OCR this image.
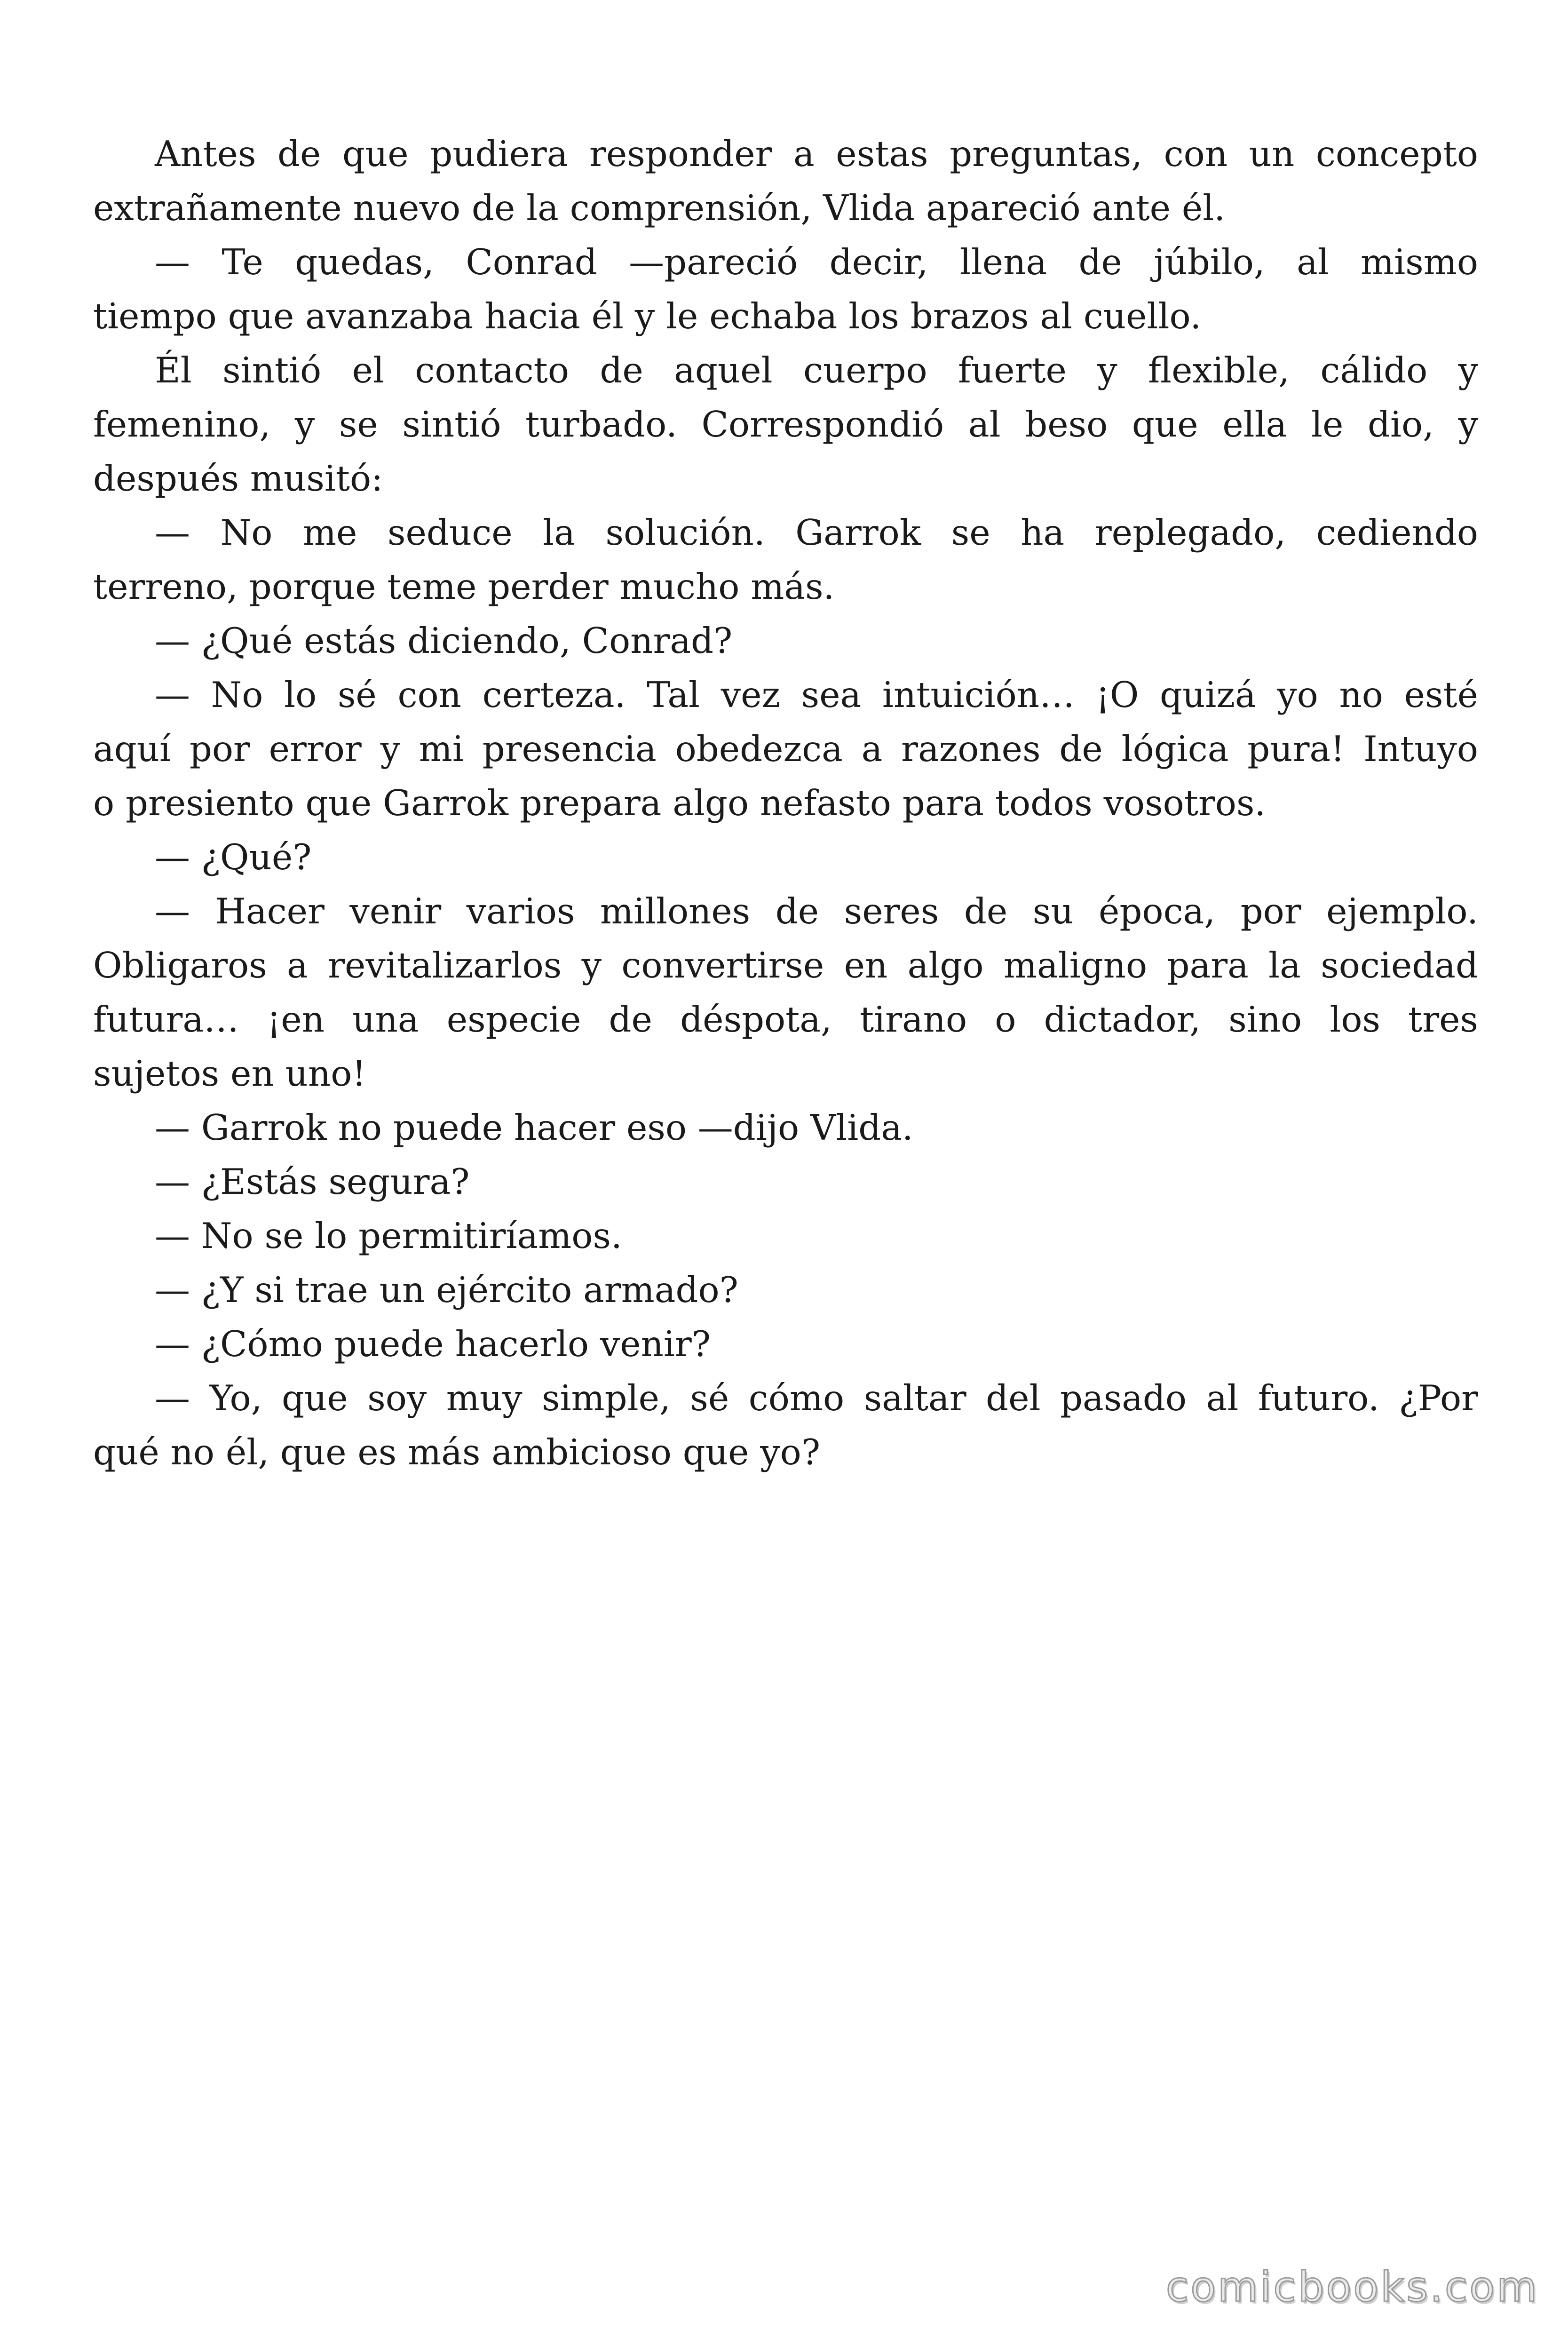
Antes de que pudiera responder a estas preguntas, con un concepto
extrañamente nuevo de la comprensión, Vlida apareció ante él.
— Te quedas, Conrad —pareció decir, llena de júbilo, al mismo
tiempo que avanzaba hacia él y le echaba los brazos al cuello.
Él sintió el contacto de aquel cuerpo fuerte y flexible, cálido y
femenino, y se sintió turbado. Correspondió al beso que ella le dio, y
después musitó:
— No me seduce la solución. Garrok se ha replegado, cediendo
terreno, porque teme perder mucho más.
— ¿Qué estás diciendo, Conrad?
— No lo sé con certeza. Tal vez sea intuición… ¡O quizá yo no esté
aquí por error y mi presencia obedezca a razones de lógica pura! Intuyo
o presiento que Garrok prepara algo nefasto para todos vosotros.
— ¿Qué?
— Hacer venir varios millones de seres de su época, por ejemplo.
Obligaros a revitalizarlos y convertirse en algo maligno para la sociedad
futura… ¡en una especie de déspota, tirano o dictador, sino los tres
sujetos en uno!
— Garrok no puede hacer eso —dijo Vlida.
— ¿Estás segura?
— No se lo permitiríamos.
— ¿Y si trae un ejército armado?
— ¿Cómo puede hacerlo venir?
— Yo, que soy muy simple, sé cómo saltar del pasado al futuro. ¿Por
qué no él, que es más ambicioso que yo?
comicbooks.com
